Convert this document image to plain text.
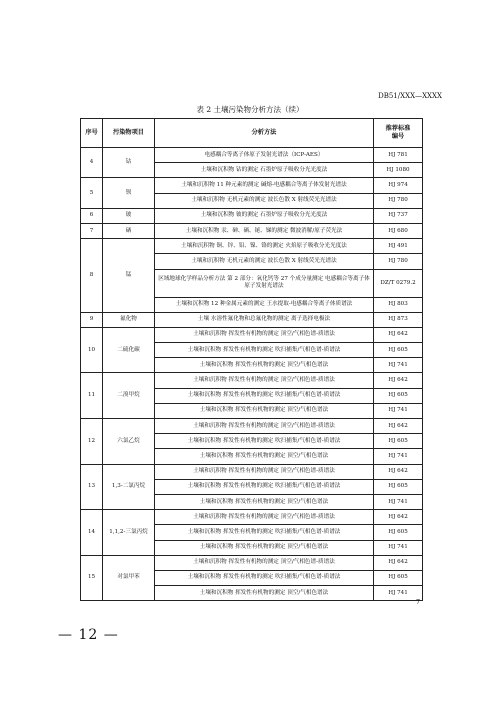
DB51/XXX—XXXX
表 2 土壤污染物分析方法（续）
序号	污染物项目	分析方法	推荐标准编号
4	钴	电感耦合等离子体原子发射光谱法（ICP-AES）	HJ 781
		土壤和沉积物 钴的测定 石墨炉原子吸收分光光度法	HJ 1080
5	钡	土壤和沉积物 11 种元素的测定 碱熔-电感耦合等离子体发射光谱法	HJ 974
		土壤和沉积物 无机元素的测定 波长色散 X 射线荧光光谱法	HJ 780
6	铍	土壤和沉积物 铍的测定 石墨炉原子吸收分光光度法	HJ 737
7	硒	土壤和沉积物 汞、砷、硒、铋、锑的测定 微波消解/原子荧光法	HJ 680
8	锰	土壤和沉积物 铜、锌、铅、镍、铬的测定 火焰原子吸收分光光度法	HJ 491
		土壤和沉积物 无机元素的测定 波长色散 X 射线荧光光谱法	HJ 780
		区域地球化学样品分析方法 第 2 部分：氧化钙等 27 个成分量测定 电感耦合等离子体原子发射光谱法	DZ/T 0279.2
		土壤和沉积物 12 种金属元素的测定 王水提取-电感耦合等离子体质谱法	HJ 803
9	氟化物	土壤 水溶性氟化物和总氟化物的测定 离子选择电极法	HJ 873
10	二硫化碳	土壤和沉积物 挥发性有机物的测定 顶空/气相色谱-质谱法	HJ 642
		土壤和沉积物 挥发性有机物的测定 吹扫捕集/气相色谱-质谱法	HJ 605
		土壤和沉积物 挥发性有机物的测定 顶空/气相色谱法	HJ 741
11	二溴甲烷	土壤和沉积物 挥发性有机物的测定 顶空/气相色谱-质谱法	HJ 642
		土壤和沉积物 挥发性有机物的测定 吹扫捕集/气相色谱-质谱法	HJ 605
		土壤和沉积物 挥发性有机物的测定 顶空/气相色谱法	HJ 741
12	六氯乙烷	土壤和沉积物 挥发性有机物的测定 顶空/气相色谱-质谱法	HJ 642
		土壤和沉积物 挥发性有机物的测定 吹扫捕集/气相色谱-质谱法	HJ 605
		土壤和沉积物 挥发性有机物的测定 顶空/气相色谱法	HJ 741
13	1,3-二氯丙烷	土壤和沉积物 挥发性有机物的测定 顶空/气相色谱-质谱法	HJ 642
		土壤和沉积物 挥发性有机物的测定 吹扫捕集/气相色谱-质谱法	HJ 605
		土壤和沉积物 挥发性有机物的测定 顶空/气相色谱法	HJ 741
14	1,1,2-三氯丙烷	土壤和沉积物 挥发性有机物的测定 顶空/气相色谱-质谱法	HJ 642
		土壤和沉积物 挥发性有机物的测定 吹扫捕集/气相色谱-质谱法	HJ 605
		土壤和沉积物 挥发性有机物的测定 顶空/气相色谱法	HJ 741
15	对氯甲苯	土壤和沉积物 挥发性有机物的测定 顶空/气相色谱-质谱法	HJ 642
		土壤和沉积物 挥发性有机物的测定 吹扫捕集/气相色谱-质谱法	HJ 605
		土壤和沉积物 挥发性有机物的测定 顶空/气相色谱法	HJ 741
7
— 12 —
